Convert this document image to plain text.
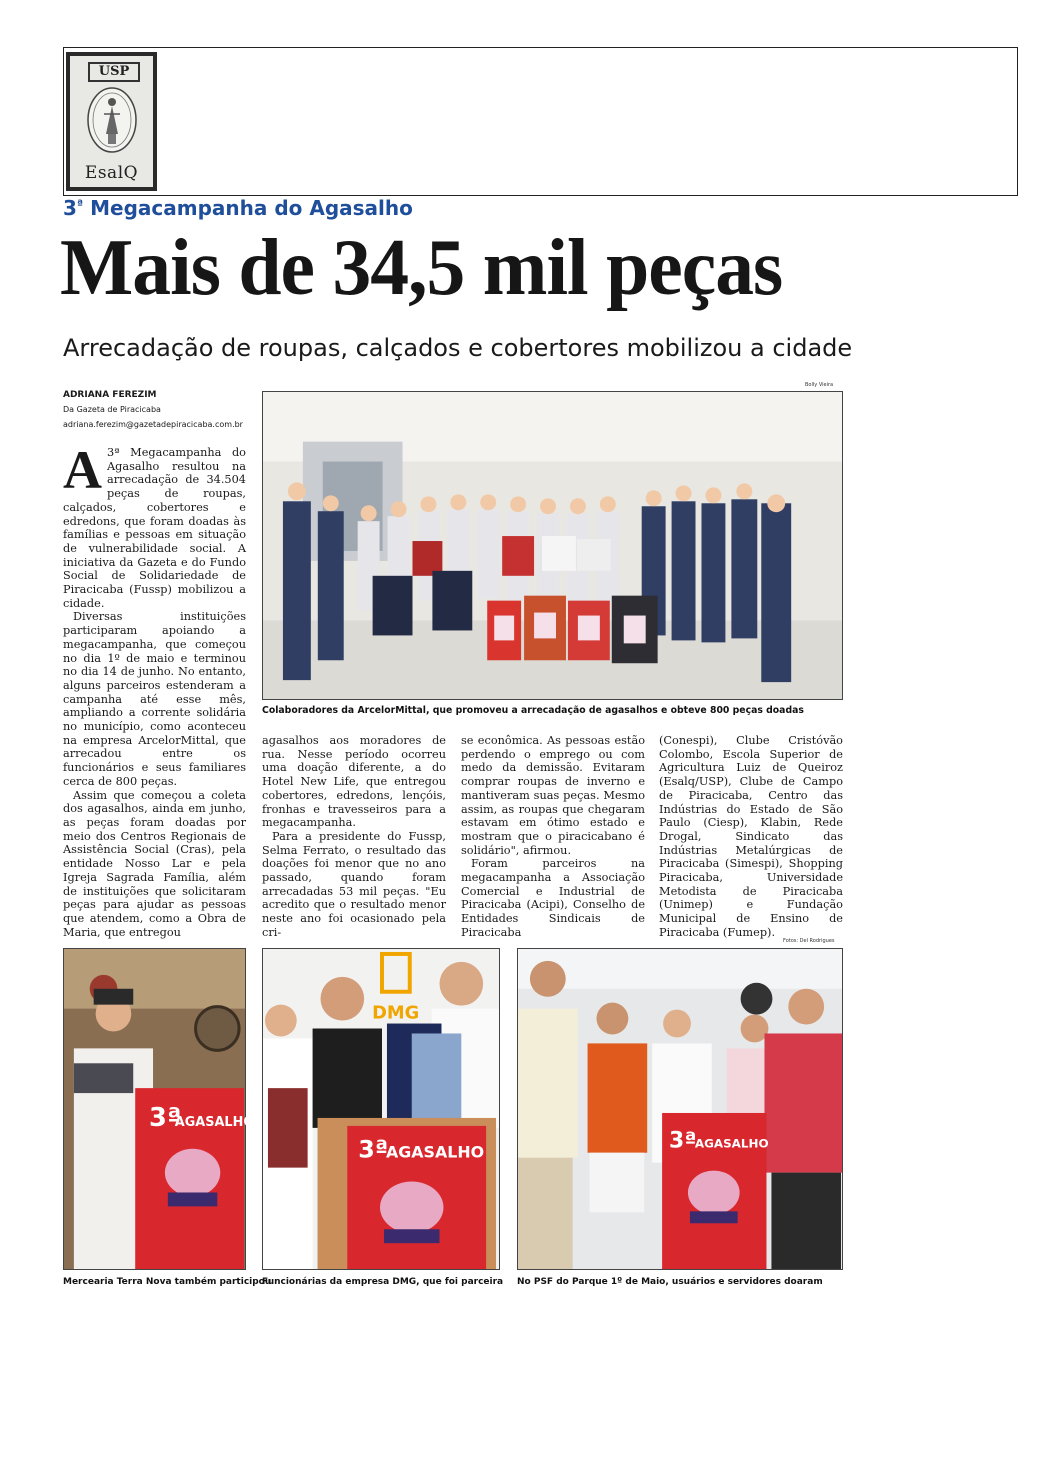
USP
EsalQ
$3^ª$ Megacampanha do Agasalho
Mais de 34,5 mil peças
Arrecadação de roupas, calçados e cobertores mobilizou a cidade
ADRIANA FEREZIM
Da Gazeta de Piracicaba
adriana.ferezim@gazetadepiracicaba.com.br
Bolly Vieira
Fotos: Del Rodrigues
Colaboradores da ArcelorMittal, que promoveu a arrecadação de agasalhos e obteve 800 peças doadas

A 3ª Megacampanha do Agasalho resultou na arrecadação de 34.504 peças de roupas, calçados, cobertores e edredons, que foram doadas às famílias e pessoas em situação de vulnerabilidade social. A iniciativa da Gazeta e do Fundo Social de Solidariedade de Piracicaba (Fussp) mobilizou a cidade.

Diversas instituições participaram apoiando a megacampanha, que começou no dia 1º de maio e terminou no dia 14 de junho. No entanto, alguns parceiros estenderam a campanha até esse mês, ampliando a corrente solidária no município, como aconteceu na empresa ArcelorMittal, que arrecadou entre os funcionários e seus familiares cerca de 800 peças.

Assim que começou a coleta dos agasalhos, ainda em junho, as peças foram doadas por meio dos Centros Regionais de Assistência Social (Cras), pela entidade Nosso Lar e pela Igreja Sagrada Família, além de instituições que solicitaram peças para ajudar as pessoas que atendem, como a Obra de Maria, que entregou

agasalhos aos moradores de rua. Nesse período ocorreu uma doação diferente, a do Hotel New Life, que entregou cobertores, edredons, lençóis, fronhas e travesseiros para a megacampanha.

Para a presidente do Fussp, Selma Ferrato, o resultado das doações foi menor que no ano passado, quando foram arrecadadas 53 mil peças. "Eu acredito que o resultado menor neste ano foi ocasionado pela cri-

se econômica. As pessoas estão perdendo o emprego ou com medo da demissão. Evitaram comprar roupas de inverno e mantiveram suas peças. Mesmo assim, as roupas que chegaram estavam em ótimo estado e mostram que o piracicabano é solidário", afirmou.

Foram parceiros na megacampanha a Associação Comercial e Industrial de Piracicaba (Acipi), Conselho de Entidades Sindicais de Piracicaba

(Conespi), Clube Cristóvão Colombo, Escola Superior de Agricultura Luiz de Queiroz (Esalq/USP), Clube de Campo de Piracicaba, Centro das Indústrias do Estado de São Paulo (Ciesp), Klabin, Rede Drogal, Sindicato das Indústrias Metalúrgicas de Piracicaba (Simespi), Shopping Piracicaba, Universidade Metodista de Piracicaba (Unimep) e Fundação Municipal de Ensino de Piracicaba (Fumep).

3ª
AGASALHO
DMG
3ª
AGASALHO	3ª
AGASALHO
Mercearia Terra Nova também participou
Funcionárias da empresa DMG, que foi parceira No PSF do Parque 1º de Maio, usuários e servidores doaram
